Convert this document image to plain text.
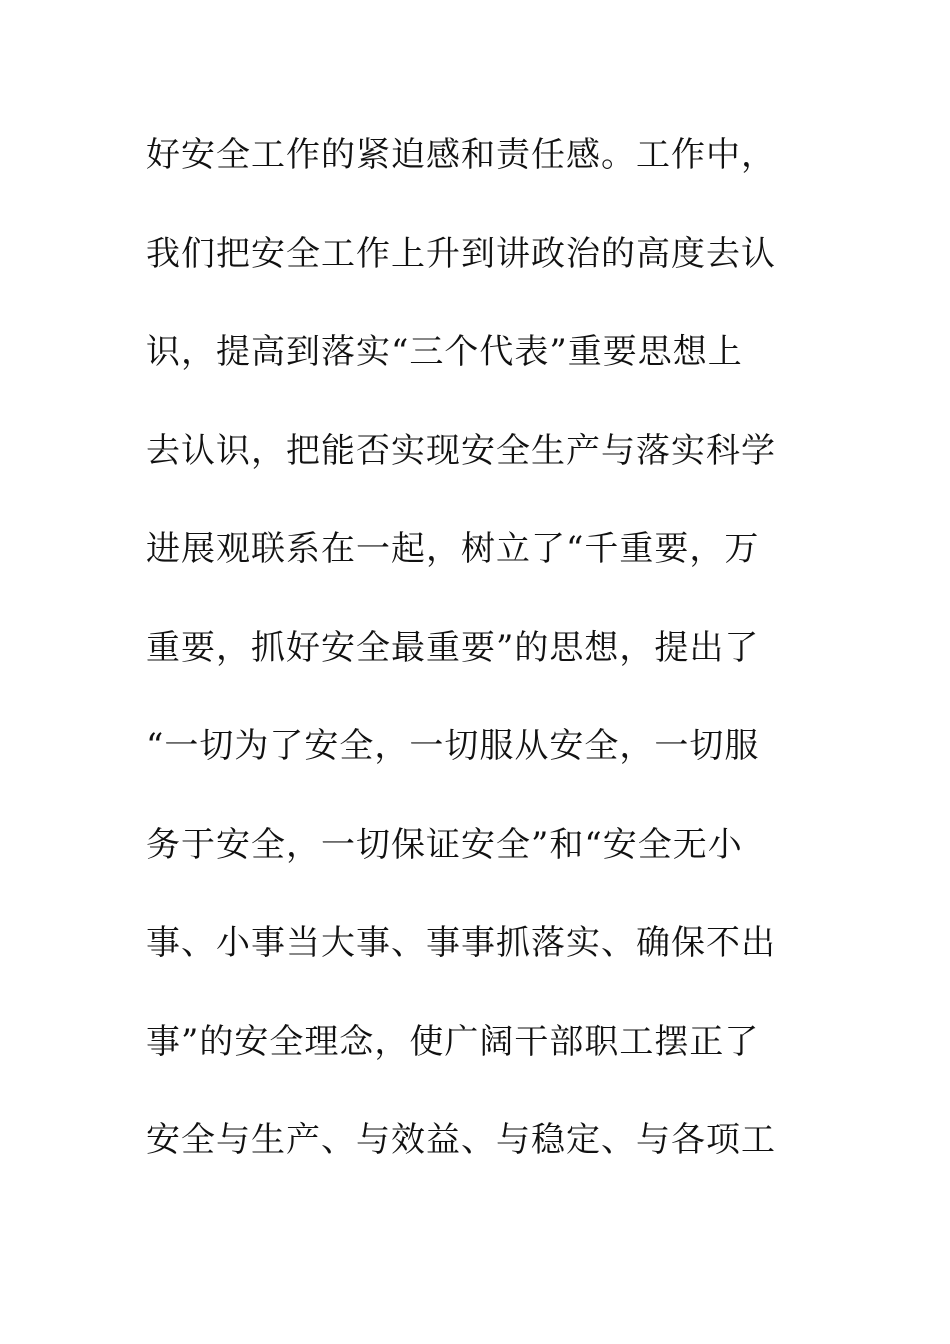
好安全工作的紧迫感和责任感。工作中，
我们把安全工作上升到讲政治的高度去认
识，提高到落实“三个代表”重要思想上
去认识，把能否实现安全生产与落实科学
进展观联系在一起，树立了“千重要，万
重要，抓好安全最重要”的思想，提出了
“一切为了安全，一切服从安全，一切服
务于安全，一切保证安全”和“安全无小
事、小事当大事、事事抓落实、确保不出
事”的安全理念，使广阔干部职工摆正了
安全与生产、与效益、与稳定、与各项工
